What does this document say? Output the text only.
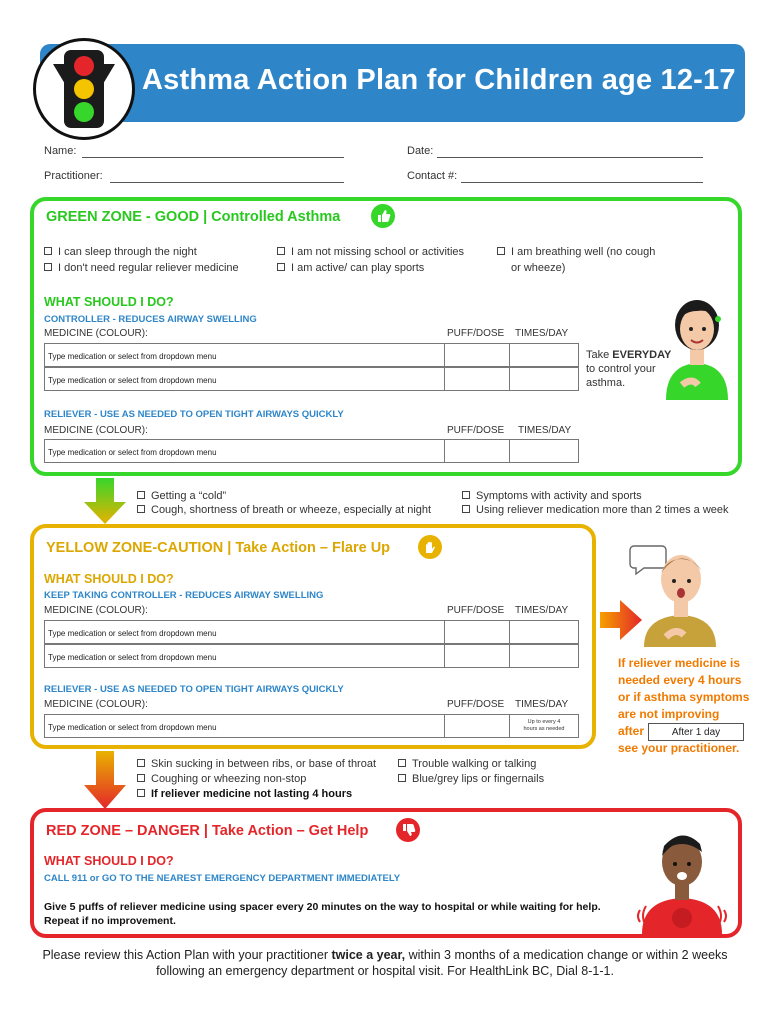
Asthma Action Plan for Children age 12-17
Name:	Date:
Practitioner:	Contact #:
GREEN ZONE - GOOD | Controlled Asthma
I can sleep through the night
I don't need regular reliever medicine
I am not missing school or activities
I am active/ can play sports
I am breathing well (no cough
or wheeze)
WHAT SHOULD I DO?
CONTROLLER - REDUCES AIRWAY SWELLING
MEDICINE (COLOUR):	PUFF/DOSE TIMES/DAY
Type medication or select from dropdown menu
Type medication or select from dropdown menu
Take EVERYDAY
to control your
asthma.
RELIEVER - USE AS NEEDED TO OPEN TIGHT AIRWAYS QUICKLY
MEDICINE (COLOUR):	PUFF/DOSE TIMES/DAY
Type medication or select from dropdown menu
Getting a “cold”
Cough, shortness of breath or wheeze, especially at night
Symptoms with activity and sports
Using reliever medication more than 2 times a week
YELLOW ZONE-CAUTION | Take Action – Flare Up
WHAT SHOULD I DO?
KEEP TAKING CONTROLLER - REDUCES AIRWAY SWELLING
MEDICINE (COLOUR):	PUFF/DOSE TIMES/DAY
Type medication or select from dropdown menu
Type medication or select from dropdown menu
RELIEVER - USE AS NEEDED TO OPEN TIGHT AIRWAYS QUICKLY
MEDICINE (COLOUR):	PUFF/DOSE TIMES/DAY
Type medication or select from dropdown menu
Up to every 4
hours as needed
If reliever medicine is
needed every 4 hours
or if asthma symptoms
are not improving
after
see your practitioner.
After 1 day
Skin sucking in between ribs, or base of throat
Coughing or wheezing non-stop
If reliever medicine not lasting 4 hours
Trouble walking or talking
Blue/grey lips or fingernails
RED ZONE – DANGER | Take Action – Get Help
WHAT SHOULD I DO?
CALL 911 or GO TO THE NEAREST EMERGENCY DEPARTMENT IMMEDIATELY
Give 5 puffs of reliever medicine using spacer every 20 minutes on the way to hospital or while waiting for help.
Repeat if no improvement.
Please review this Action Plan with your practitioner twice a year, within 3 months of a medication change or within 2 weeks following an emergency department or hospital visit. For HealthLink BC, Dial 8-1-1.
